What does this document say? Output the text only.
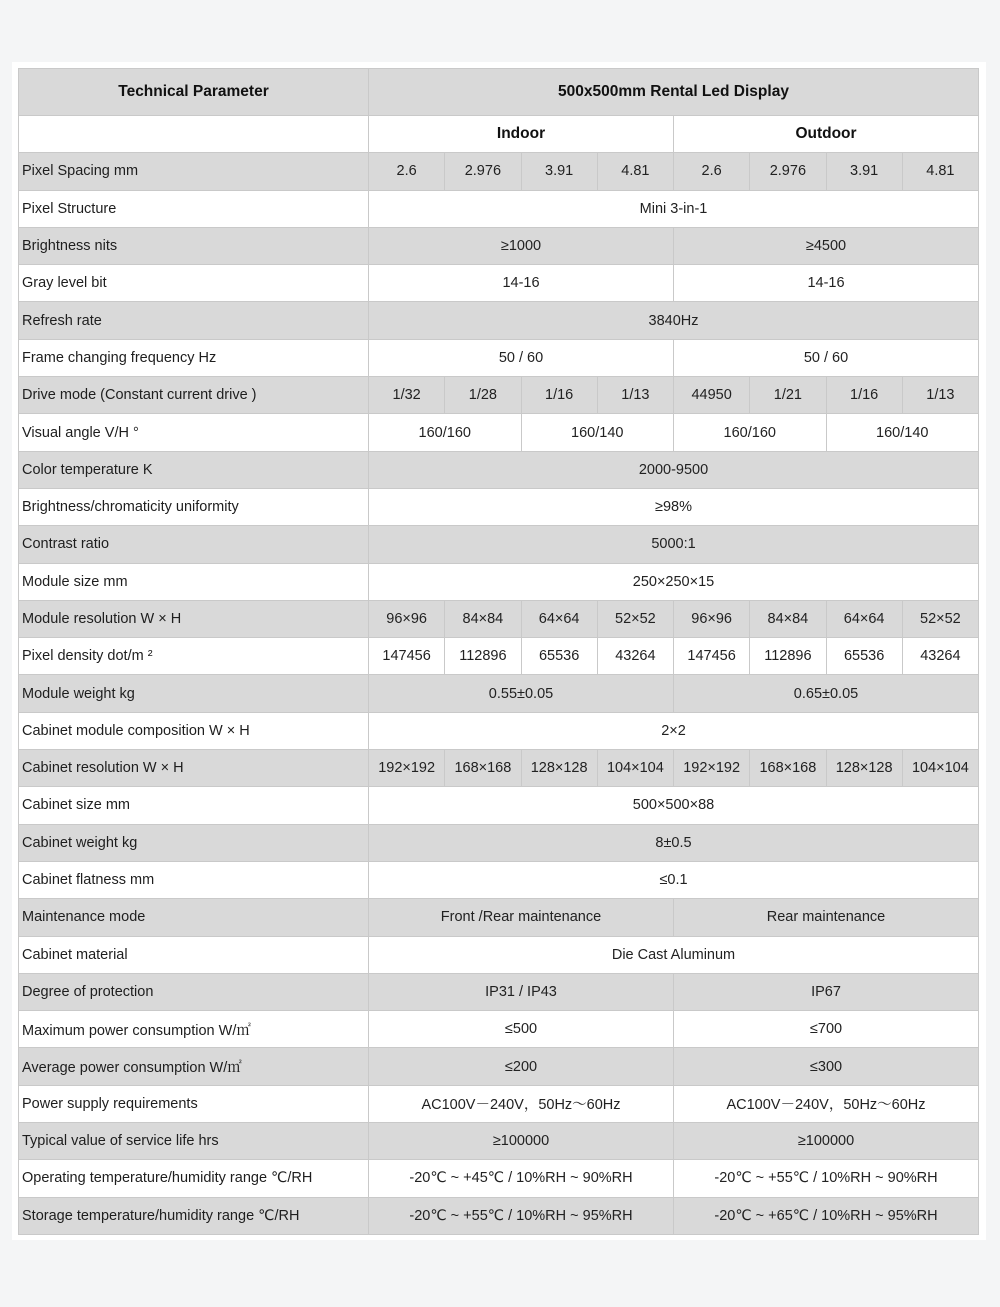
Technical Parameter	500x500mm Rental Led Display							
	Indoor				Outdoor			
Pixel Spacing mm	2.6	2.976	3.91	4.81	2.6	2.976	3.91	4.81
Pixel Structure	Mini 3-in-1							
Brightness nits	≥1000				≥4500			
Gray level bit	14-16				14-16			
Refresh rate	3840Hz							
Frame changing frequency Hz	50 / 60				50 / 60			
Drive mode (Constant current drive )	1/32	1/28	1/16	1/13	44950	1/21	1/16	1/13
Visual angle V/H °	160/160		160/140		160/160		160/140	
Color temperature K	2000-9500							
Brightness/chromaticity uniformity	≥98%							
Contrast ratio	5000:1							
Module size mm	250×250×15							
Module resolution W × H	96×96	84×84	64×64	52×52	96×96	84×84	64×64	52×52
Pixel density dot/m ²	147456	112896	65536	43264	147456	112896	65536	43264
Module weight kg	0.55±0.05				0.65±0.05			
Cabinet module composition W × H	2×2							
Cabinet resolution W × H	192×192	168×168	128×128	104×104	192×192	168×168	128×128	104×104
Cabinet size mm	500×500×88							
Cabinet weight kg	8±0.5							
Cabinet flatness mm	≤0.1							
Maintenance mode	Front /Rear maintenance				Rear maintenance			
Cabinet material	Die Cast Aluminum							
Degree of protection	IP31 / IP43				IP67			
Maximum power consumption W/㎡	≤500				≤700			
Average power consumption W/㎡	≤200				≤300			
Power supply requirements	AC100V－240V，50Hz～60Hz				AC100V－240V，50Hz～60Hz			
Typical value of service life hrs	≥100000				≥100000			
Operating temperature/humidity range ℃/RH	-20℃ ~ +45℃ / 10%RH ~ 90%RH				-20℃ ~ +55℃ / 10%RH ~ 90%RH			
Storage temperature/humidity range ℃/RH	-20℃ ~ +55℃ / 10%RH ~ 95%RH				-20℃ ~ +65℃ / 10%RH ~ 95%RH			
